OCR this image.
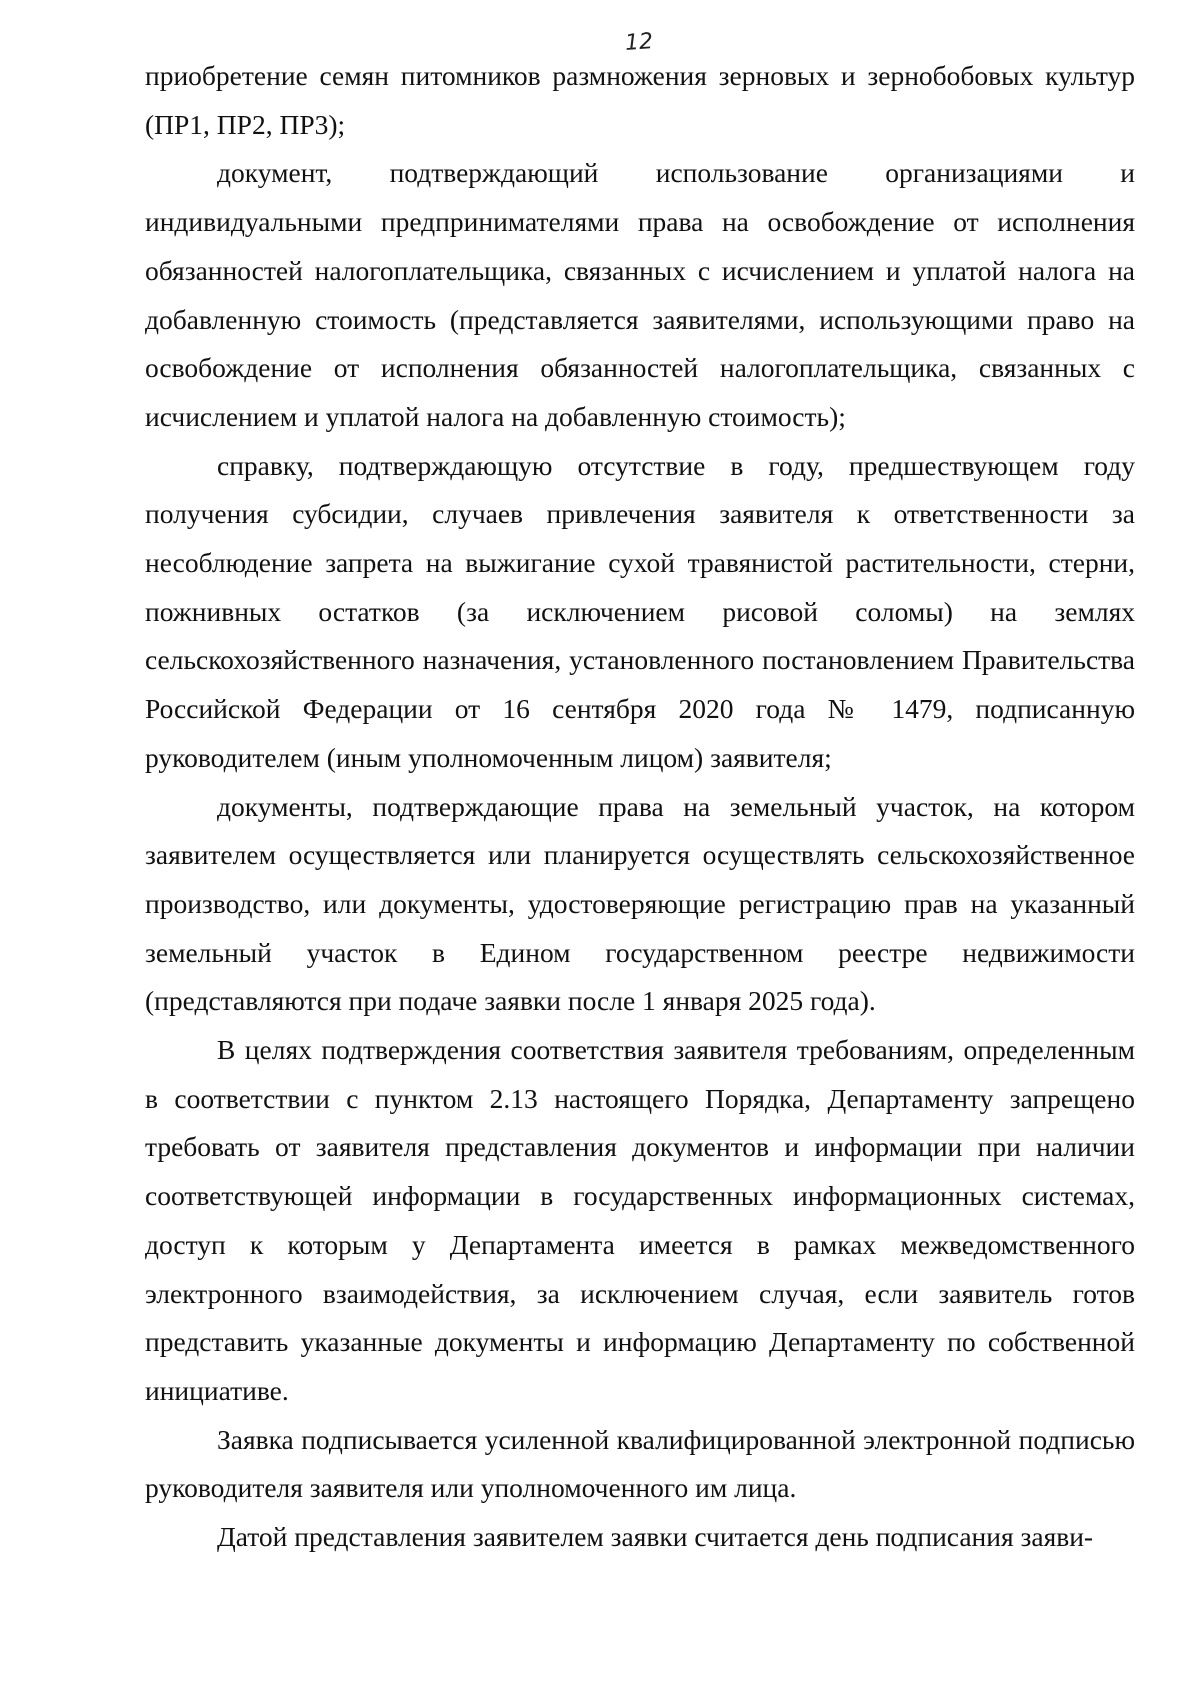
12

приобретение семян питомников размножения зерновых и зернобобовых культур (ПР1, ПР2, ПР3);

документ, подтверждающий использование организациями и индивидуальными предпринимателями права на освобождение от исполнения обязанностей налогоплательщика, связанных с исчислением и уплатой налога на добавленную стоимость (представляется заявителями, использующими право на освобождение от исполнения обязанностей налогоплательщика, связанных с исчислением и уплатой налога на добавленную стоимость);

справку, подтверждающую отсутствие в году, предшествующем году получения субсидии, случаев привлечения заявителя к ответственности за несоблюдение запрета на выжигание сухой травянистой растительности, стерни, пожнивных остатков (за исключением рисовой соломы) на землях сельскохозяйственного назначения, установленного постановлением Правительства Российской Федерации от 16 сентября 2020 года № 1479, подписанную руководителем (иным уполномоченным лицом) заявителя;

документы, подтверждающие права на земельный участок, на котором заявителем осуществляется или планируется осуществлять сельскохозяйственное производство, или документы, удостоверяющие регистрацию прав на указанный земельный участок в Едином государственном реестре недвижимости (представляются при подаче заявки после 1 января 2025 года).

В целях подтверждения соответствия заявителя требованиям, определенным в соответствии с пунктом 2.13 настоящего Порядка, Департаменту запрещено требовать от заявителя представления документов и информации при наличии соответствующей информации в государственных информационных системах, доступ к которым у Департамента имеется в рамках межведомственного электронного взаимодействия, за исключением случая, если заявитель готов представить указанные документы и информацию Департаменту по собственной инициативе.

Заявка подписывается усиленной квалифицированной электронной подписью руководителя заявителя или уполномоченного им лица.

Датой представления заявителем заявки считается день подписания заяви-
